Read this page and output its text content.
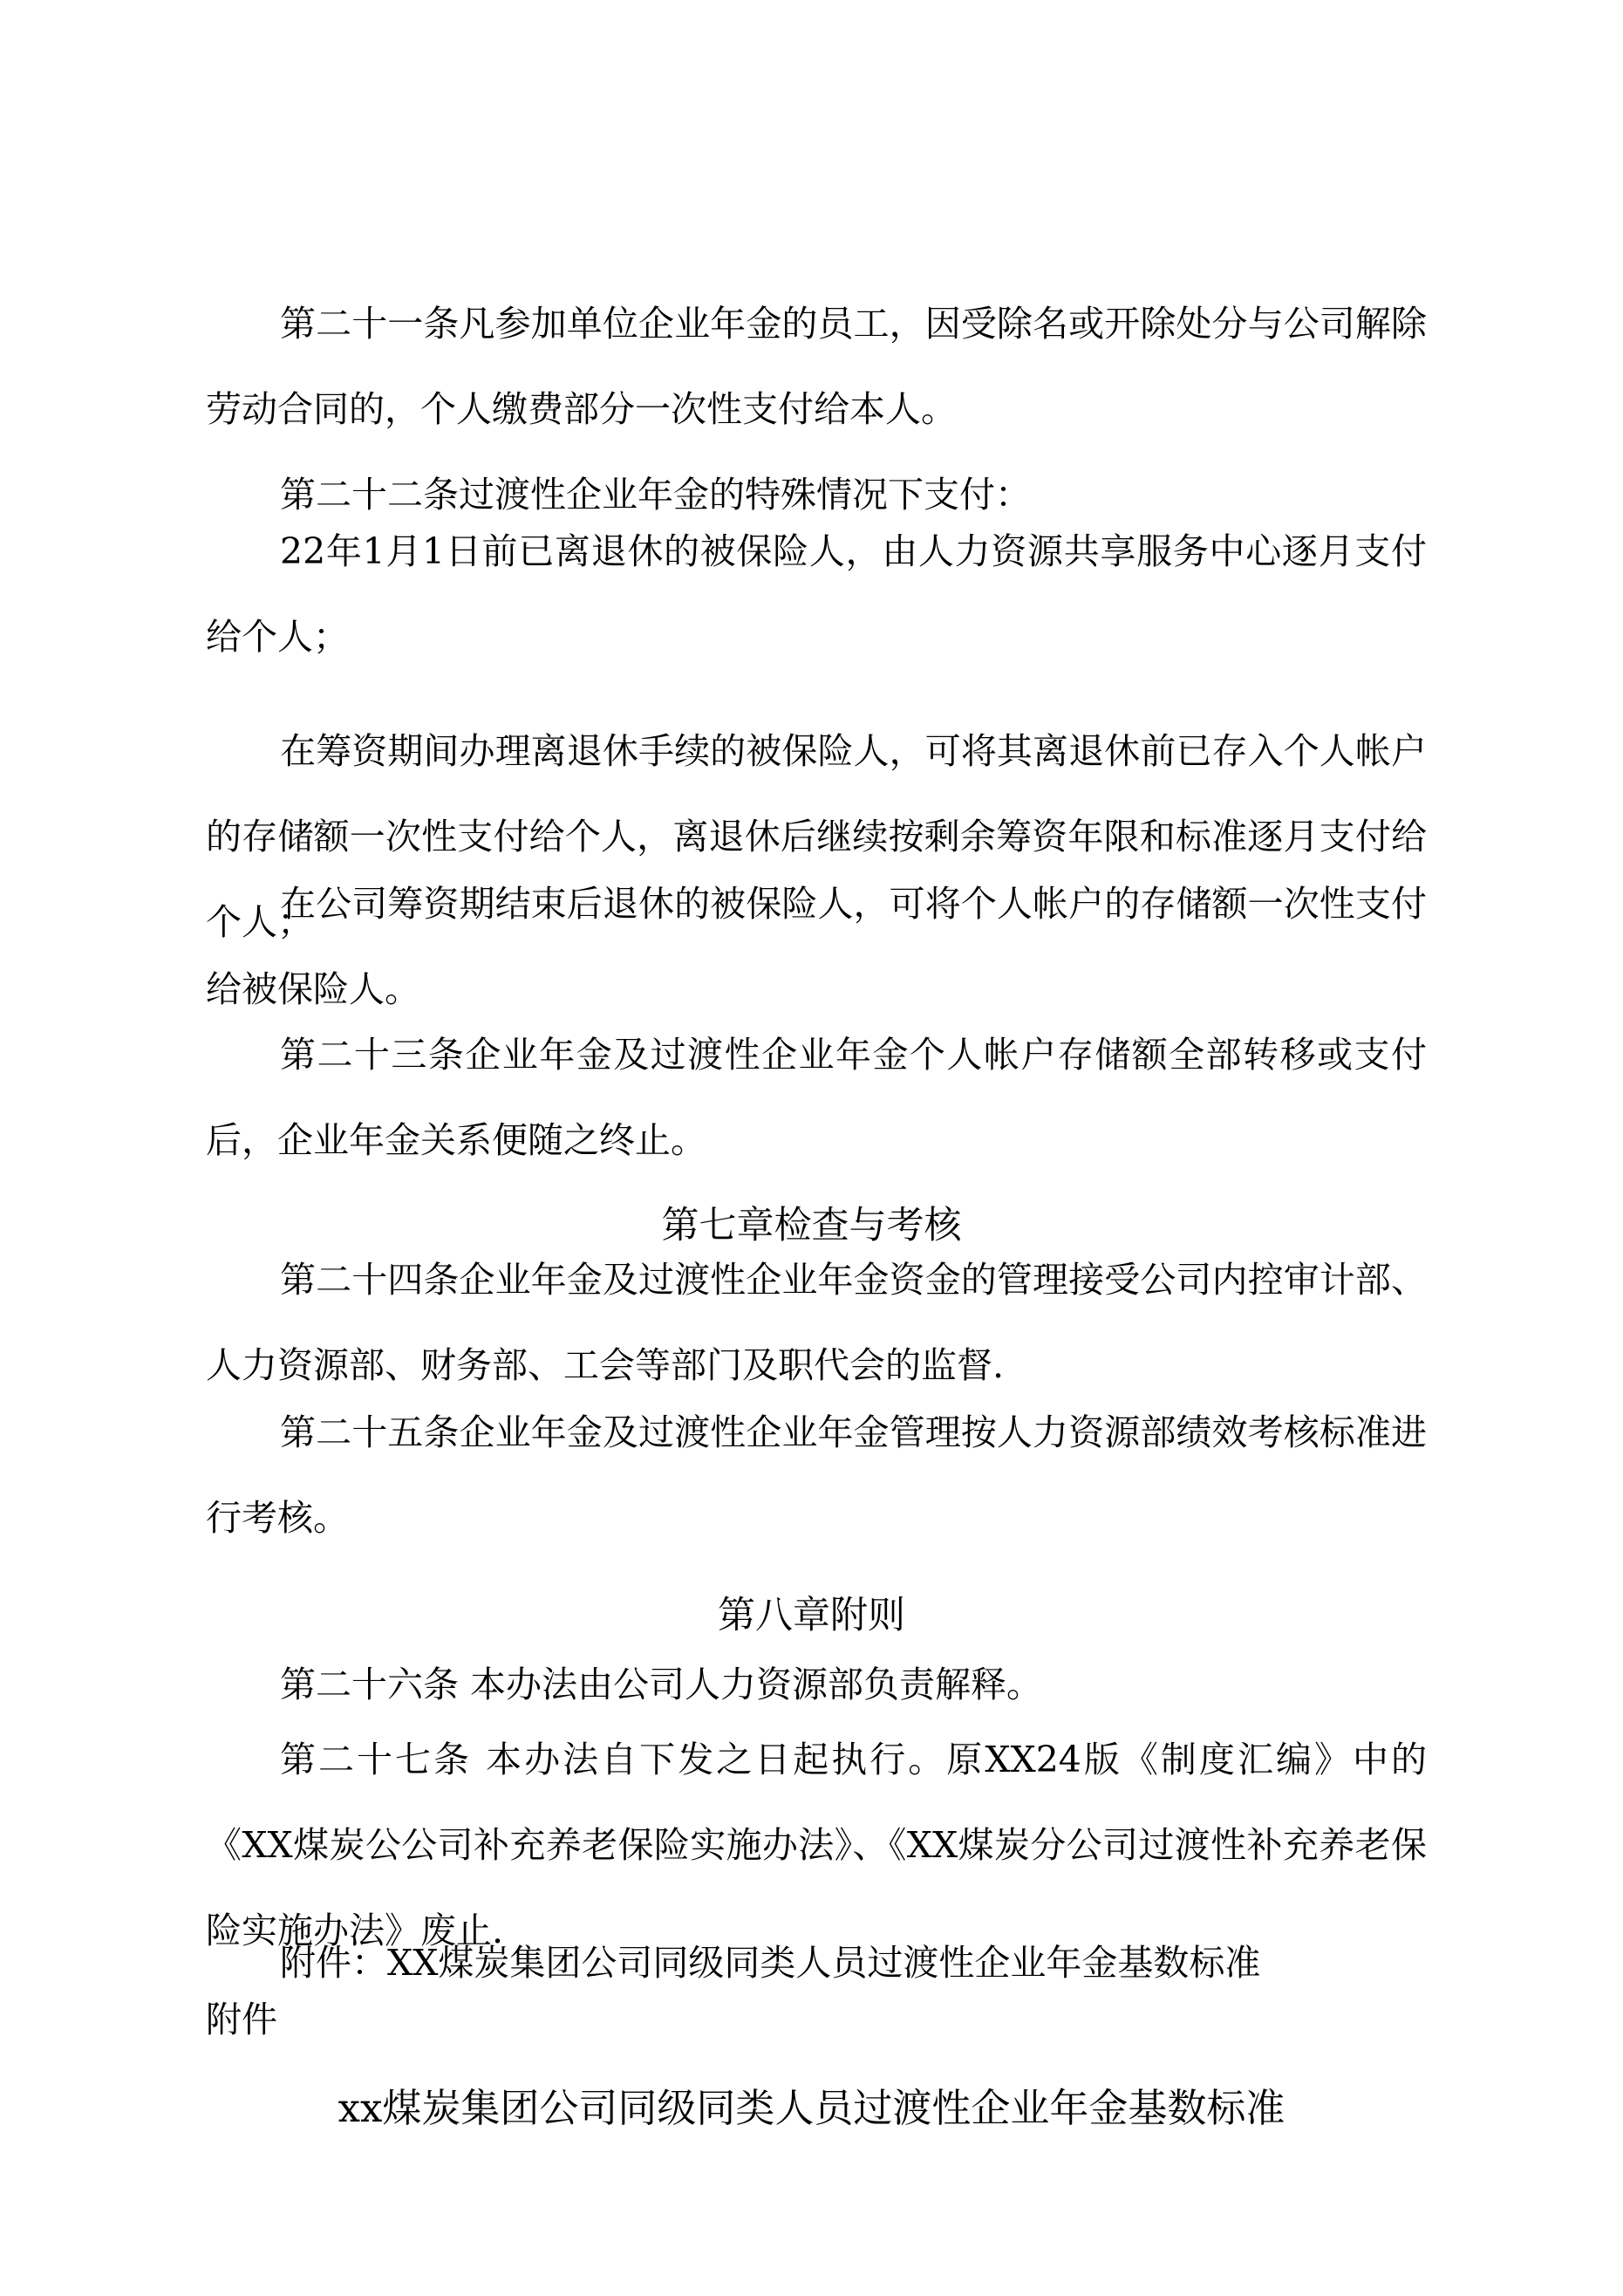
第二十一条凡参加单位企业年金的员工，因受除名或开除处分与公司解除劳动合同的，个人缴费部分一次性支付给本人。

第二十二条过渡性企业年金的特殊情况下支付：

22年1月1日前已离退休的被保险人，由人力资源共享服务中心逐月支付给个人；

在筹资期间办理离退休手续的被保险人，可将其离退休前已存入个人帐户的存储额一次性支付给个人，离退休后继续按剩余筹资年限和标准逐月支付给个人；

在公司筹资期结束后退休的被保险人，可将个人帐户的存储额一次性支付给被保险人。

第二十三条企业年金及过渡性企业年金个人帐户存储额全部转移或支付后，企业年金关系便随之终止。

第七章检查与考核

第二十四条企业年金及过渡性企业年金资金的管理接受公司内控审计部、人力资源部、财务部、工会等部门及职代会的监督.

第二十五条企业年金及过渡性企业年金管理按人力资源部绩效考核标准进行考核。

第八章附则

第二十六条 本办法由公司人力资源部负责解释。

第二十七条 本办法自下发之日起执行。原XX24版《制度汇编》中的《XX煤炭公公司补充养老保险实施办法》、《XX煤炭分公司过渡性补充养老保险实施办法》废止.

附件：XX煤炭集团公司同级同类人员过渡性企业年金基数标准

附件

xx煤炭集团公司同级同类人员过渡性企业年金基数标准
